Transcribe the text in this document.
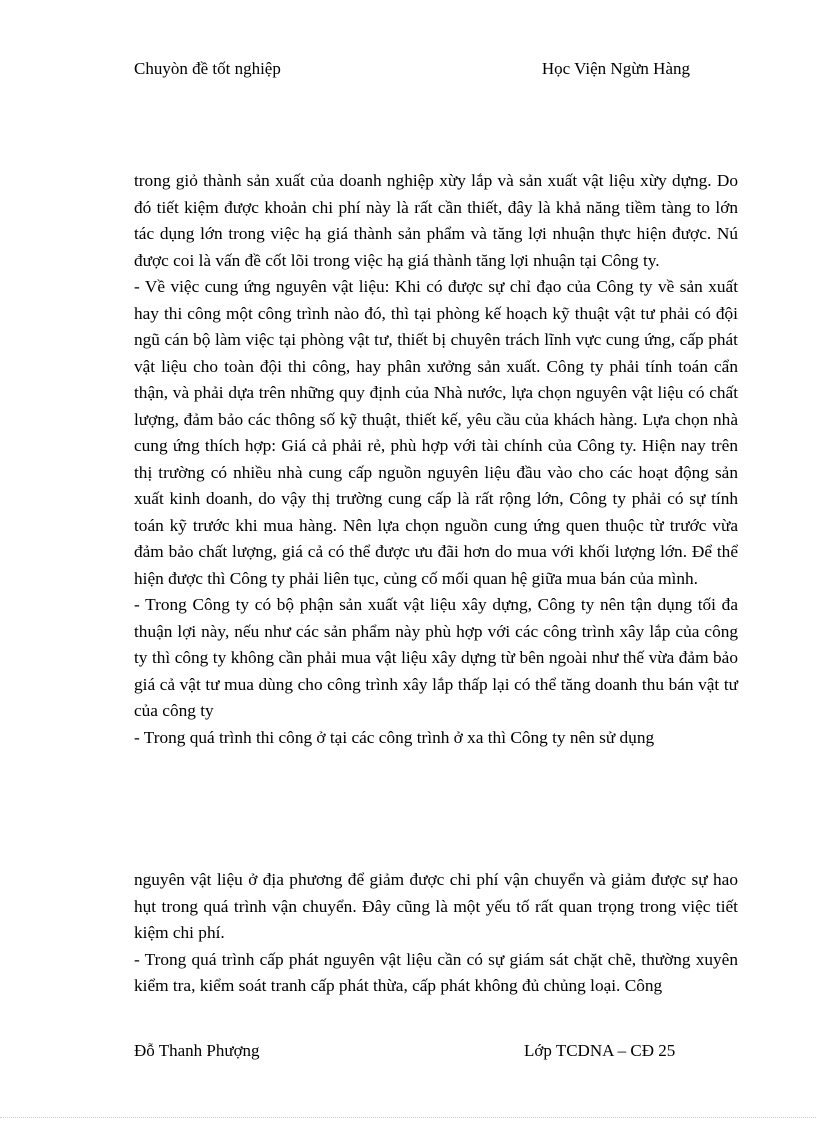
Chuyòn đề tốt nghiệp	Học Viện Ngừn Hàng

trong giỏ thành sản xuất của doanh nghiệp xừy lắp và sản xuất vật liệu xừy dựng. Do đó tiết kiệm được khoản chi phí này là rất cần thiết, đây là khả năng tiềm tàng to lớn tác dụng lớn trong việc hạ giá thành sản phẩm và tăng lợi nhuận thực hiện được. Nú được coi là vấn đề cốt lõi trong việc hạ giá thành tăng lợi nhuận tại Công ty.

- Về việc cung ứng nguyên vật liệu: Khi có được sự chỉ đạo của Công ty về sản xuất hay thi công một công trình nào đó, thì tại phòng kế hoạch kỹ thuật vật tư phải có đội ngũ cán bộ làm việc tại phòng vật tư, thiết bị chuyên trách lĩnh vực cung ứng, cấp phát vật liệu cho toàn đội thi công, hay phân xưởng sản xuất. Công ty phải tính toán cẩn thận, và phải dựa trên những quy định của Nhà nước, lựa chọn nguyên vật liệu có chất lượng, đảm bảo các thông số kỹ thuật, thiết kế, yêu cầu của khách hàng. Lựa chọn nhà cung ứng thích hợp: Giá cả phải rẻ, phù hợp với tài chính của Công ty. Hiện nay trên thị trường có nhiều nhà cung cấp nguồn nguyên liệu đầu vào cho các hoạt động sản xuất kinh doanh, do vậy thị trường cung cấp là rất rộng lớn, Công ty phải có sự tính toán kỹ trước khi mua hàng. Nên lựa chọn nguồn cung ứng quen thuộc từ trước vừa đảm bảo chất lượng, giá cả có thể được ưu đãi hơn do mua với khối lượng lớn. Để thể hiện được thì Công ty phải liên tục, củng cố mối quan hệ giữa mua bán của mình.

- Trong Công ty có bộ phận sản xuất vật liệu xây dựng, Công ty nên tận dụng tối đa thuận lợi này, nếu như các sản phẩm này phù hợp với các công trình xây lắp của công ty thì công ty không cần phải mua vật liệu xây dựng từ bên ngoài như thế vừa đảm bảo giá cả vật tư mua dùng cho công trình xây lắp thấp lại có thể tăng doanh thu bán vật tư của công ty

- Trong quá trình thi công ở tại các công trình ở xa thì Công ty nên sử dụng

nguyên vật liệu ở địa phương để giảm được chi phí vận chuyển và giảm được sự hao hụt trong quá trình vận chuyển. Đây cũng là một yếu tố rất quan trọng trong việc tiết kiệm chi phí.

- Trong quá trình cấp phát nguyên vật liệu cần có sự giám sát chặt chẽ, thường xuyên kiểm tra, kiểm soát tranh cấp phát thừa, cấp phát không đủ chủng loại. Công

Đỗ Thanh Phượng	Lớp TCDNA – CĐ 25
